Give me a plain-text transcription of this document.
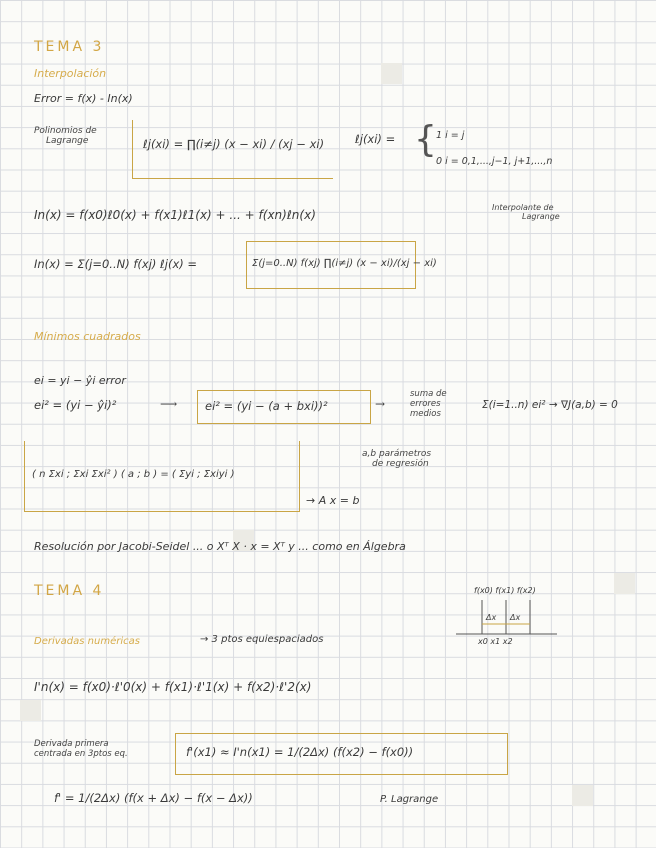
TEMA 3
Interpolación
Error = f(x) - In(x)
Polinomios de
Lagrange	ℓj(xi) = ∏(i≠j) (x − xi) / (xj − xi)	ℓj(xi) = { 1 i = j
0 i = 0,1,...,j−1, j+1,...,n
In(x) = f(x0)ℓ0(x) + f(x1)ℓ1(x) + ... + f(xn)ℓn(x)
Interpolante de
Lagrange
In(x) = Σ(j=0..N) f(xj) ℓj(x) =	Σ(j=0..N) f(xj) ∏(i≠j) (x − xi)/(xj − xi)
Mínimos cuadrados
ei = yi − ŷi error
ei² = (yi − ŷi)²	⟶ ei² = (yi − (a + bxi))²	→
suma de
errores
medios
Σ(i=1..n) ei² → ∇J(a,b) = 0
( n Σxi ; Σxi Σxi² ) ( a ; b ) = ( Σyi ; Σxiyi )
a,b parámetros
de regresión
→ A x = b
Resolución por Jacobi-Seidel ... o Xᵀ X · x = Xᵀ y ... como en Álgebra
TEMA 4	f(x0) f(x1) f(x2)
Δx Δx
x0 x1 x2
Derivadas numéricas	→ 3 ptos equiespaciados
I'n(x) = f(x0)·ℓ'0(x) + f(x1)·ℓ'1(x) + f(x2)·ℓ'2(x)
Derivada primera
centrada en 3ptos eq.	f'(x1) ≈ I'n(x1) = 1/(2Δx) (f(x2) − f(x0))
f' = 1/(2Δx) (f(x + Δx) − f(x − Δx))	P. Lagrange
